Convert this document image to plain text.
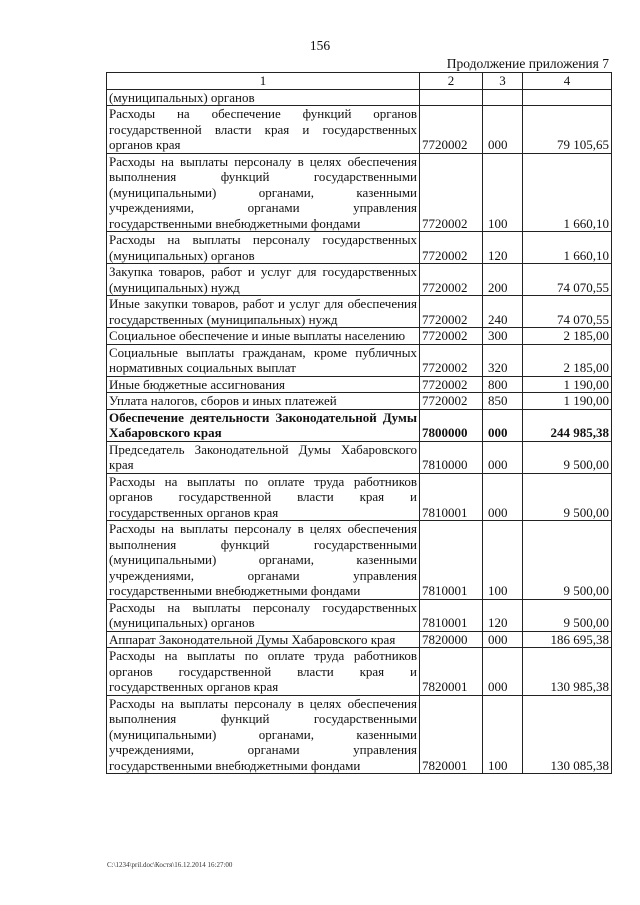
156
Продолжение приложения 7
1	2	3	4
(муниципальных) органов			
Расходы на обеспечение функций органов государственной власти края и государственных органов края	7720002	000	79 105,65
Расходы на выплаты персоналу в целях обеспечения выполнения функций государственными (муниципальными) органами, казенными учреждениями, органами управления государственными внебюджетными фондами	7720002	100	1 660,10
Расходы на выплаты персоналу государственных (муниципальных) органов	7720002	120	1 660,10
Закупка товаров, работ и услуг для государственных (муниципальных) нужд	7720002	200	74 070,55
Иные закупки товаров, работ и услуг для обеспечения государственных (муниципальных) нужд	7720002	240	74 070,55
Социальное обеспечение и иные выплаты населению	7720002	300	2 185,00
Социальные выплаты гражданам, кроме публичных нормативных социальных выплат	7720002	320	2 185,00
Иные бюджетные ассигнования	7720002	800	1 190,00
Уплата налогов, сборов и иных платежей	7720002	850	1 190,00
Обеспечение деятельности Законодательной Думы Хабаровского края	7800000	000	244 985,38
Председатель Законодательной Думы Хабаровского края	7810000	000	9 500,00
Расходы на выплаты по оплате труда работников органов государственной власти края и государственных органов края	7810001	000	9 500,00
Расходы на выплаты персоналу в целях обеспечения выполнения функций государственными (муниципальными) органами, казенными учреждениями, органами управления государственными внебюджетными фондами	7810001	100	9 500,00
Расходы на выплаты персоналу государственных (муниципальных) органов	7810001	120	9 500,00
Аппарат Законодательной Думы Хабаровского края	7820000	000	186 695,38
Расходы на выплаты по оплате труда работников органов государственной власти края и государственных органов края	7820001	000	130 985,38
Расходы на выплаты персоналу в целях обеспечения выполнения функций государственными (муниципальными) органами, казенными учреждениями, органами управления государственными внебюджетными фондами	7820001	100	130 085,38
C:\1234\pril.doc\Костя\16.12.2014 16:27:00
